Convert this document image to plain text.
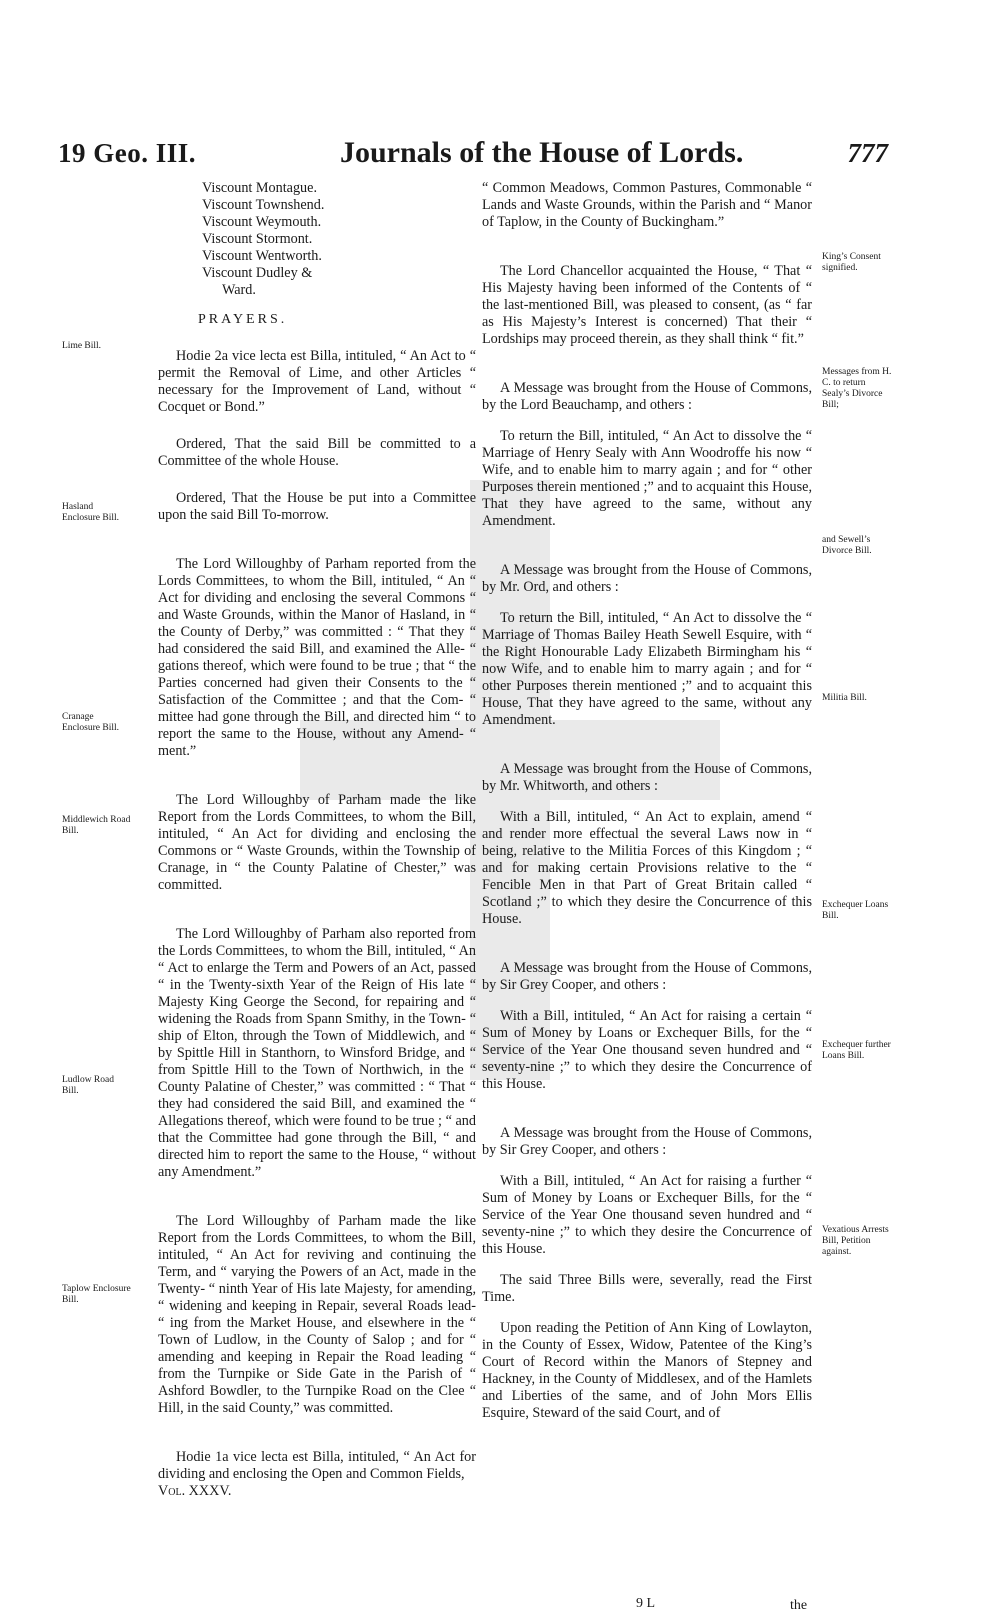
19 Geo. III.	Journals of the House of Lords.	777
Viscount Montague.
Viscount Townshend.
Viscount Weymouth.
Viscount Stormont.
Viscount Wentworth.
Viscount Dudley &
Ward.
PRAYERS.

Hodie 2a vice lecta est Billa, intituled, “ An Act to “ permit the Removal of Lime, and other Articles “ necessary for the Improvement of Land, without “ Cocquet or Bond.”

Ordered, That the said Bill be committed to a Committee of the whole House.

Ordered, That the House be put into a Committee upon the said Bill To-morrow.

The Lord Willoughby of Parham reported from the Lords Committees, to whom the Bill, intituled, “ An “ Act for dividing and enclosing the several Commons “ and Waste Grounds, within the Manor of Hasland, in “ the County of Derby,” was committed : “ That they “ had considered the said Bill, and examined the Alle- “ gations thereof, which were found to be true ; that “ the Parties concerned had given their Consents to the “ Satisfaction of the Committee ; and that the Com- “ mittee had gone through the Bill, and directed him “ to report the same to the House, without any Amend- “ ment.”

The Lord Willoughby of Parham made the like Report from the Lords Committees, to whom the Bill, intituled, “ An Act for dividing and enclosing the Commons or “ Waste Grounds, within the Township of Cranage, in “ the County Palatine of Chester,” was committed.

The Lord Willoughby of Parham also reported from the Lords Committees, to whom the Bill, intituled, “ An “ Act to enlarge the Term and Powers of an Act, passed “ in the Twenty-sixth Year of the Reign of His late “ Majesty King George the Second, for repairing and “ widening the Roads from Spann Smithy, in the Town- “ ship of Elton, through the Town of Middlewich, and “ by Spittle Hill in Stanthorn, to Winsford Bridge, and “ from Spittle Hill to the Town of Northwich, in the “ County Palatine of Chester,” was committed : “ That “ they had considered the said Bill, and examined the “ Allegations thereof, which were found to be true ; “ and that the Committee had gone through the Bill, “ and directed him to report the same to the House, “ without any Amendment.”

The Lord Willoughby of Parham made the like Report from the Lords Committees, to whom the Bill, intituled, “ An Act for reviving and continuing the Term, and “ varying the Powers of an Act, made in the Twenty- “ ninth Year of His late Majesty, for amending, “ widening and keeping in Repair, several Roads lead- “ ing from the Market House, and elsewhere in the “ Town of Ludlow, in the County of Salop ; and for “ amending and keeping in Repair the Road leading “ from the Turnpike or Side Gate in the Parish of “ Ashford Bowdler, to the Turnpike Road on the Clee “ Hill, in the said County,” was committed.

Hodie 1a vice lecta est Billa, intituled, “ An Act for dividing and enclosing the Open and Common Fields,

Vol. XXXV.

“ Common Meadows, Common Pastures, Commonable “ Lands and Waste Grounds, within the Parish and “ Manor of Taplow, in the County of Buckingham.”

The Lord Chancellor acquainted the House, “ That “ His Majesty having been informed of the Contents of “ the last-mentioned Bill, was pleased to consent, (as “ far as His Majesty’s Interest is concerned) That their “ Lordships may proceed therein, as they shall think “ fit.”

A Message was brought from the House of Commons, by the Lord Beauchamp, and others :

To return the Bill, intituled, “ An Act to dissolve the “ Marriage of Henry Sealy with Ann Woodroffe his now “ Wife, and to enable him to marry again ; and for “ other Purposes therein mentioned ;” and to acquaint this House, That they have agreed to the same, without any Amendment.

A Message was brought from the House of Commons, by Mr. Ord, and others :

To return the Bill, intituled, “ An Act to dissolve the “ Marriage of Thomas Bailey Heath Sewell Esquire, with “ the Right Honourable Lady Elizabeth Birmingham his “ now Wife, and to enable him to marry again ; and for “ other Purposes therein mentioned ;” and to acquaint this House, That they have agreed to the same, without any Amendment.

A Message was brought from the House of Commons, by Mr. Whitworth, and others :

With a Bill, intituled, “ An Act to explain, amend “ and render more effectual the several Laws now in “ being, relative to the Militia Forces of this Kingdom ; “ and for making certain Provisions relative to the “ Fencible Men in that Part of Great Britain called “ Scotland ;” to which they desire the Concurrence of this House.

A Message was brought from the House of Commons, by Sir Grey Cooper, and others :

With a Bill, intituled, “ An Act for raising a certain “ Sum of Money by Loans or Exchequer Bills, for the “ Service of the Year One thousand seven hundred and “ seventy-nine ;” to which they desire the Concurrence of this House.

A Message was brought from the House of Commons, by Sir Grey Cooper, and others :

With a Bill, intituled, “ An Act for raising a further “ Sum of Money by Loans or Exchequer Bills, for the “ Service of the Year One thousand seven hundred and “ seventy-nine ;” to which they desire the Concurrence of this House.

The said Three Bills were, severally, read the First Time.

Upon reading the Petition of Ann King of Lowlayton, in the County of Essex, Widow, Patentee of the King’s Court of Record within the Manors of Stepney and Hackney, in the County of Middlesex, and of the Hamlets and Liberties of the same, and of John Mors Ellis Esquire, Steward of the said Court, and of

9 L	the
Lime Bill.
Hasland Enclosure Bill.
Cranage Enclosure Bill.
Middlewich Road Bill.
Ludlow Road Bill.
Taplow Enclosure Bill.
King’s Consent signified.
Messages from H. C. to return Sealy’s Divorce Bill;
and Sewell’s Divorce Bill.
Militia Bill.
Exchequer Loans Bill.
Exchequer further Loans Bill.
Vexatious Arrests Bill, Petition against.
